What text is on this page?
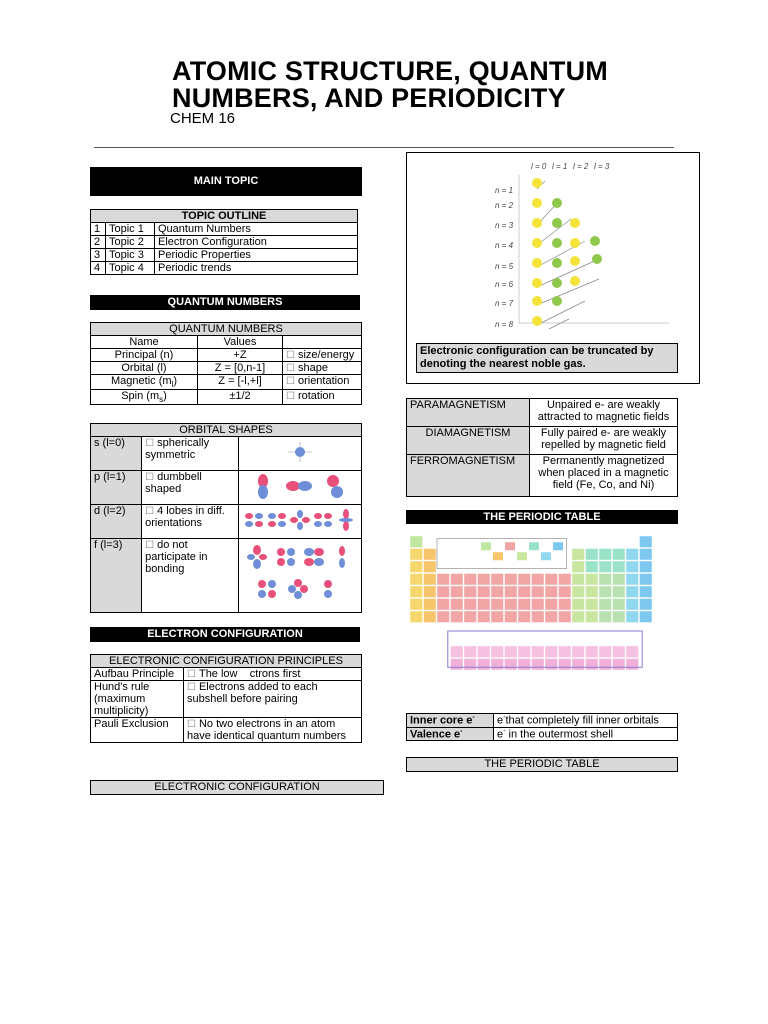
ATOMIC STRUCTURE, QUANTUM
NUMBERS, AND PERIODICITY
CHEM 16
MAIN TOPIC
TOPIC OUTLINE		
1	Topic 1	Quantum Numbers
2	Topic 2	Electron Configuration
3	Topic 3	Periodic Properties
4	Topic 4	Periodic trends
QUANTUM NUMBERS
QUANTUM NUMBERS		
Name	Values	
Principal (n)	+Z	☐ size/energy
Orbital (l)	Z = [0,n-1]	☐ shape
Magnetic $(m_l)$	Z = [-l,+l]	☐ orientation
Spin $(m_s)$	±1/2	☐ rotation
ORBITAL SHAPES		
s (l=0)	☐ spherically symmetric	
p (l=1)	☐ dumbbell shaped	
d (l=2)	☐ 4 lobes in diff. orientations	
f (l=3)	☐ do not participate in bonding	
ELECTRON CONFIGURATION
ELECTRONIC CONFIGURATION PRINCIPLES	
Aufbau Principle	☐ The low    ctrons first
Hund's rule (maximum multiplicity)	☐ Electrons added to each subshell before pairing
Pauli Exclusion	☐ No two electrons in an atom have identical quantum numbers
ELECTRONIC CONFIGURATION
l = 0 l = 1 l = 2 l = 3
n = 1
n = 2
n = 3
n = 4
n = 5
n = 6
n = 7
n = 8
Electronic configuration can be truncated by denoting the nearest noble gas.
PARAMAGNETISM	Unpaired e- are weakly attracted to magnetic fields
DIAMAGNETISM	Fully paired e- are weakly repelled by magnetic field
FERROMAGNETISM	Permanently magnetized when placed in a magnetic field (Fe, Co, and Ni)
THE PERIODIC TABLE
Inner core e-	e-that completely fill inner orbitals
Valence e-	e- in the outermost shell
THE PERIODIC TABLE
